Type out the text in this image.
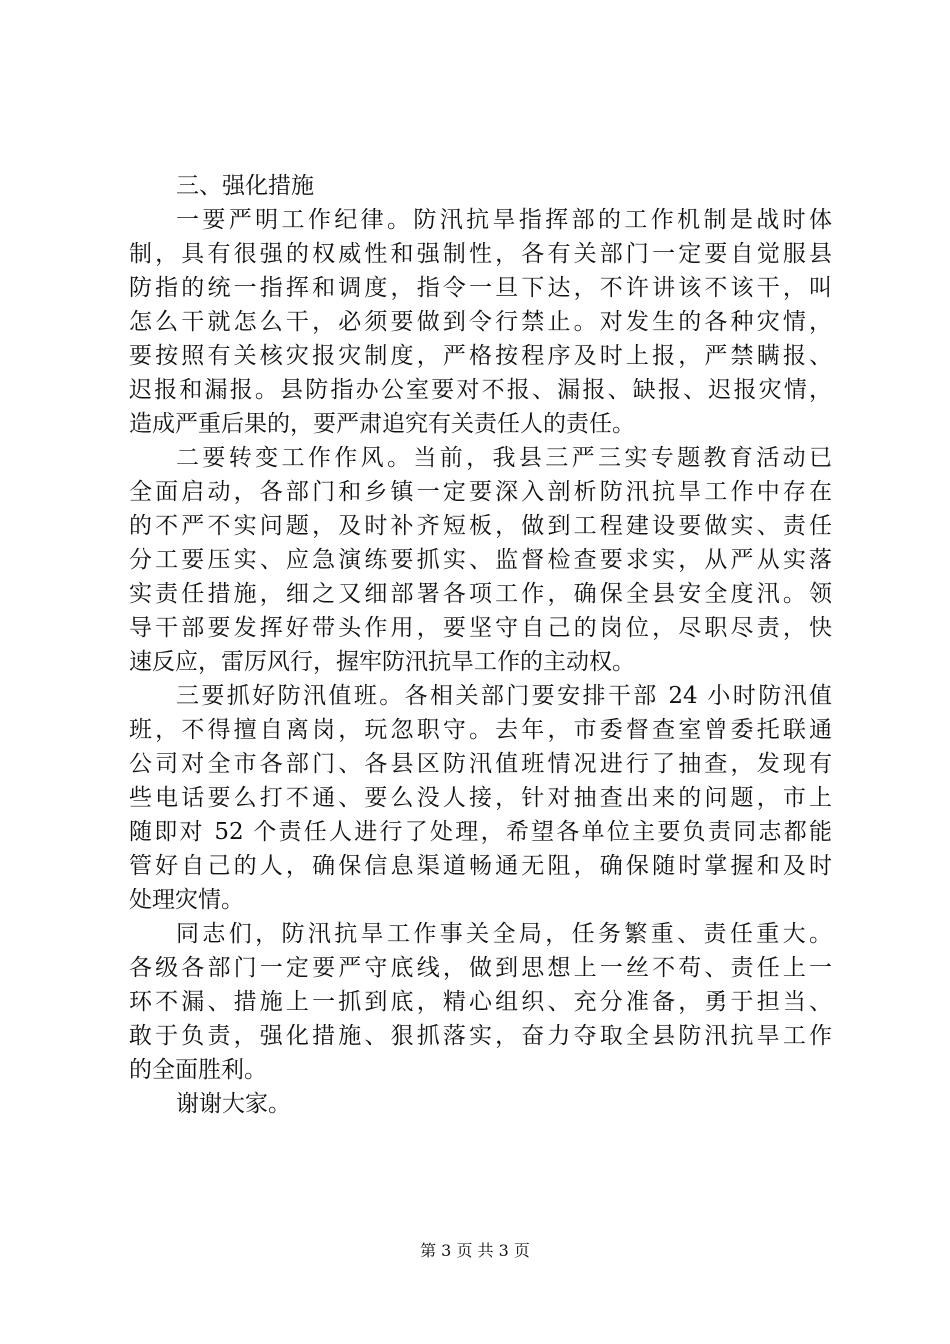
三、强化措施
一要严明工作纪律。防汛抗旱指挥部的工作机制是战时体
制，具有很强的权威性和强制性，各有关部门一定要自觉服县
防指的统一指挥和调度，指令一旦下达，不许讲该不该干，叫
怎么干就怎么干，必须要做到令行禁止。对发生的各种灾情，
要按照有关核灾报灾制度，严格按程序及时上报，严禁瞒报、
迟报和漏报。县防指办公室要对不报、漏报、缺报、迟报灾情，
造成严重后果的，要严肃追究有关责任人的责任。
二要转变工作作风。当前，我县三严三实专题教育活动已
全面启动，各部门和乡镇一定要深入剖析防汛抗旱工作中存在
的不严不实问题，及时补齐短板，做到工程建设要做实、责任
分工要压实、应急演练要抓实、监督检查要求实，从严从实落
实责任措施，细之又细部署各项工作，确保全县安全度汛。领
导干部要发挥好带头作用，要坚守自己的岗位，尽职尽责，快
速反应，雷厉风行，握牢防汛抗旱工作的主动权。
三要抓好防汛值班。各相关部门要安排干部 24 小时防汛值
班，不得擅自离岗，玩忽职守。去年，市委督查室曾委托联通
公司对全市各部门、各县区防汛值班情况进行了抽查，发现有
些电话要么打不通、要么没人接，针对抽查出来的问题，市上
随即对 52 个责任人进行了处理，希望各单位主要负责同志都能
管好自己的人，确保信息渠道畅通无阻，确保随时掌握和及时
处理灾情。
同志们，防汛抗旱工作事关全局，任务繁重、责任重大。
各级各部门一定要严守底线，做到思想上一丝不苟、责任上一
环不漏、措施上一抓到底，精心组织、充分准备，勇于担当、
敢于负责，强化措施、狠抓落实，奋力夺取全县防汛抗旱工作
的全面胜利。
谢谢大家。
第 3 页 共 3 页
